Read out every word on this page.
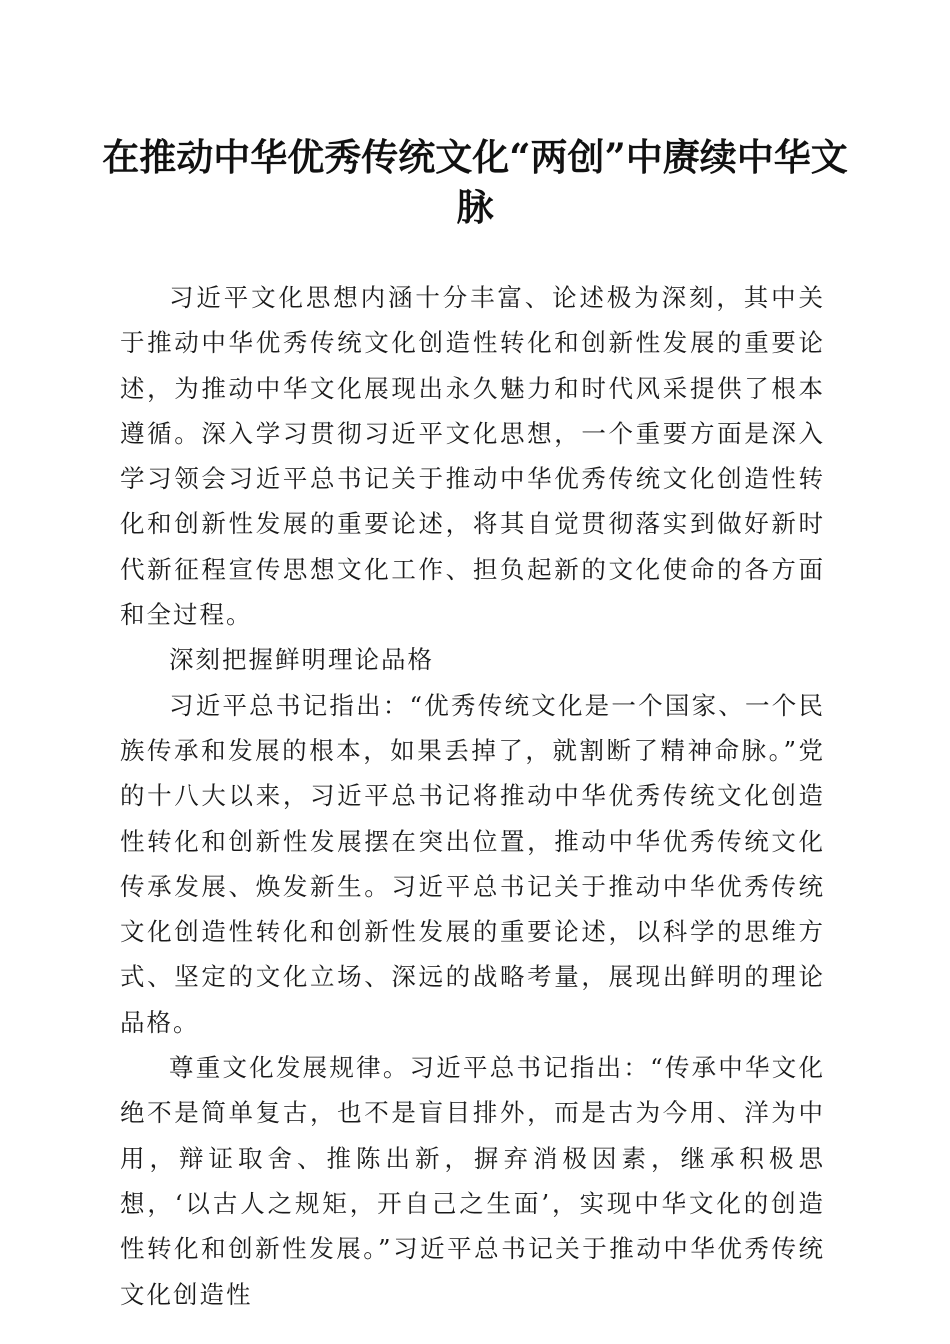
在推动中华优秀传统文化“两创”中赓续中华文脉

习近平文化思想内涵十分丰富、论述极为深刻，其中关于推动中华优秀传统文化创造性转化和创新性发展的重要论述，为推动中华文化展现出永久魅力和时代风采提供了根本遵循。深入学习贯彻习近平文化思想，一个重要方面是深入学习领会习近平总书记关于推动中华优秀传统文化创造性转化和创新性发展的重要论述，将其自觉贯彻落实到做好新时代新征程宣传思想文化工作、担负起新的文化使命的各方面和全过程。

深刻把握鲜明理论品格

习近平总书记指出：“优秀传统文化是一个国家、一个民族传承和发展的根本，如果丢掉了，就割断了精神命脉。”党的十八大以来，习近平总书记将推动中华优秀传统文化创造性转化和创新性发展摆在突出位置，推动中华优秀传统文化传承发展、焕发新生。习近平总书记关于推动中华优秀传统文化创造性转化和创新性发展的重要论述，以科学的思维方式、坚定的文化立场、深远的战略考量，展现出鲜明的理论品格。

尊重文化发展规律。习近平总书记指出：“传承中华文化绝不是简单复古，也不是盲目排外，而是古为今用、洋为中用，辩证取舍、推陈出新，摒弃消极因素，继承积极思想，‘以古人之规矩，开自己之生面’，实现中华文化的创造性转化和创新性发展。”习近平总书记关于推动中华优秀传统文化创造性
